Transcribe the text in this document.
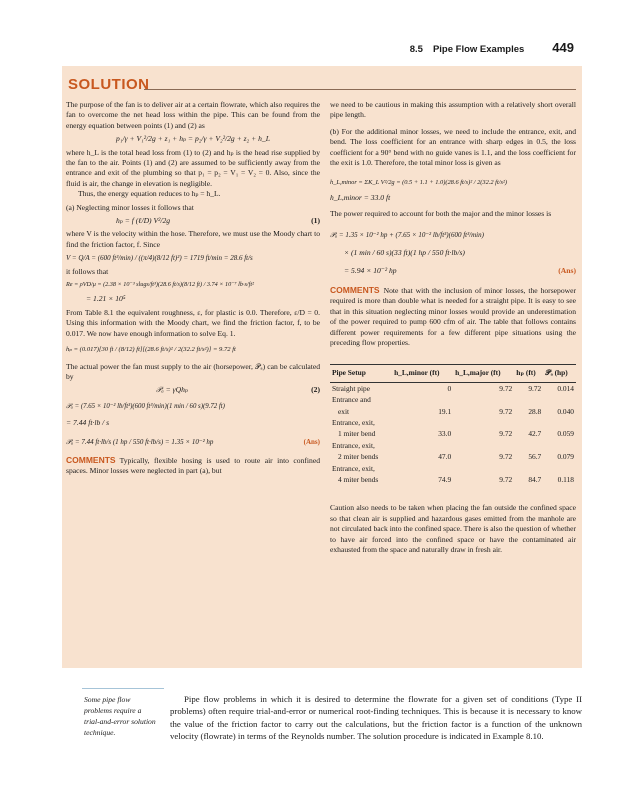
8.5 Pipe Flow Examples	449
SOLUTION

The purpose of the fan is to deliver air at a certain flowrate, which also requires the fan to overcome the net head loss within the pipe. This can be found from the energy equation between points (1) and (2) as

p₁/γ + V₁²/2g + z₁ + hₚ = p₂/γ + V₂²/2g + z₂ + h_L

where h_L is the total head loss from (1) to (2) and hₚ is the head rise supplied by the fan to the air. Points (1) and (2) are assumed to be sufficiently away from the entrance and exit of the plumbing so that p₁ = p₂ = V₁ = V₂ = 0. Also, since the fluid is air, the change in elevation is negligible.

Thus, the energy equation reduces to hₚ = h_L.

(a) Neglecting minor losses it follows that

hₚ = f (ℓ/D) V²/2g	(1)

where V is the velocity within the hose. Therefore, we must use the Moody chart to find the friction factor, f. Since

V = Q/A = (600 ft³/min) / ((π/4)(8/12 ft)²) = 1719 ft/min = 28.6 ft/s

it follows that

Re = ρVD/μ = (2.38 × 10⁻³ slugs/ft³)(28.6 ft/s)(8/12 ft) / 3.74 × 10⁻⁷ lb·s/ft²
= 1.21 × 10⁵

From Table 8.1 the equivalent roughness, ε, for plastic is 0.0. Therefore, ε/D = 0. Using this information with the Moody chart, we find the friction factor, f, to be 0.017. We now have enough information to solve Eq. 1.

hₚ = (0.017)[30 ft / (8/12) ft][(28.6 ft/s)² / 2(32.2 ft/s²)] = 9.72 ft

The actual power the fan must supply to the air (horsepower, 𝒫ₐ) can be calculated by

𝒫ₐ = γQhₚ	(2)
𝒫ₐ = (7.65 × 10⁻² lb/ft³)(600 ft³/min)(1 min / 60 s)(9.72 ft)
= 7.44 ft·lb / s
𝒫ₐ = 7.44 ft·lb/s (1 hp / 550 ft·lb/s) = 1.35 × 10⁻² hp	(Ans)

COMMENTS Typically, flexible hosing is used to route air into confined spaces. Minor losses were neglected in part (a), but

we need to be cautious in making this assumption with a relatively short overall pipe length.

(b) For the additional minor losses, we need to include the entrance, exit, and bend. The loss coefficient for an entrance with sharp edges in 0.5, the loss coefficient for a 90° bend with no guide vanes is 1.1, and the loss coefficient for the exit is 1.0. Therefore, the total minor loss is given as

h_L,minor = ΣK_L V²/2g = (0.5 + 1.1 + 1.0)(28.6 ft/s)² / 2(32.2 ft/s²)
h_L,minor = 33.0 ft

The power required to account for both the major and the minor losses is

𝒫ₐ = 1.35 × 10⁻² hp + (7.65 × 10⁻² lb/ft³)(600 ft³/min)
× (1 min / 60 s)(33 ft)(1 hp / 550 ft·lb/s)
= 5.94 × 10⁻² hp	(Ans)

COMMENTS Note that with the inclusion of minor losses, the horsepower required is more than double what is needed for a straight pipe. It is easy to see that in this situation neglecting minor losses would provide an underestimation of the power required to pump 600 cfm of air. The table that follows contains different power requirements for a few different pipe situations using the preceding flow properties.

Pipe Setup	h_L,minor (ft)	h_L,major (ft)	hₚ (ft)	𝒫ₐ (hp)
Straight pipe	0	9.72	9.72	0.014
Entrance and				
exit	19.1	9.72	28.8	0.040
Entrance, exit,				
1 miter bend	33.0	9.72	42.7	0.059
Entrance, exit,				
2 miter bends	47.0	9.72	56.7	0.079
Entrance, exit,				
4 miter bends	74.9	9.72	84.7	0.118

Caution also needs to be taken when placing the fan outside the confined space so that clean air is supplied and hazardous gases emitted from the manhole are not circulated back into the confined space. There is also the question of whether to have air forced into the confined space or have the contaminated air exhausted from the space and naturally draw in fresh air.

Some pipe flow problems require a trial-and-error solution technique.

Pipe flow problems in which it is desired to determine the flowrate for a given set of conditions (Type II problems) often require trial-and-error or numerical root-finding techniques. This is because it is necessary to know the value of the friction factor to carry out the calculations, but the friction factor is a function of the unknown velocity (flowrate) in terms of the Reynolds number. The solution procedure is indicated in Example 8.10.
